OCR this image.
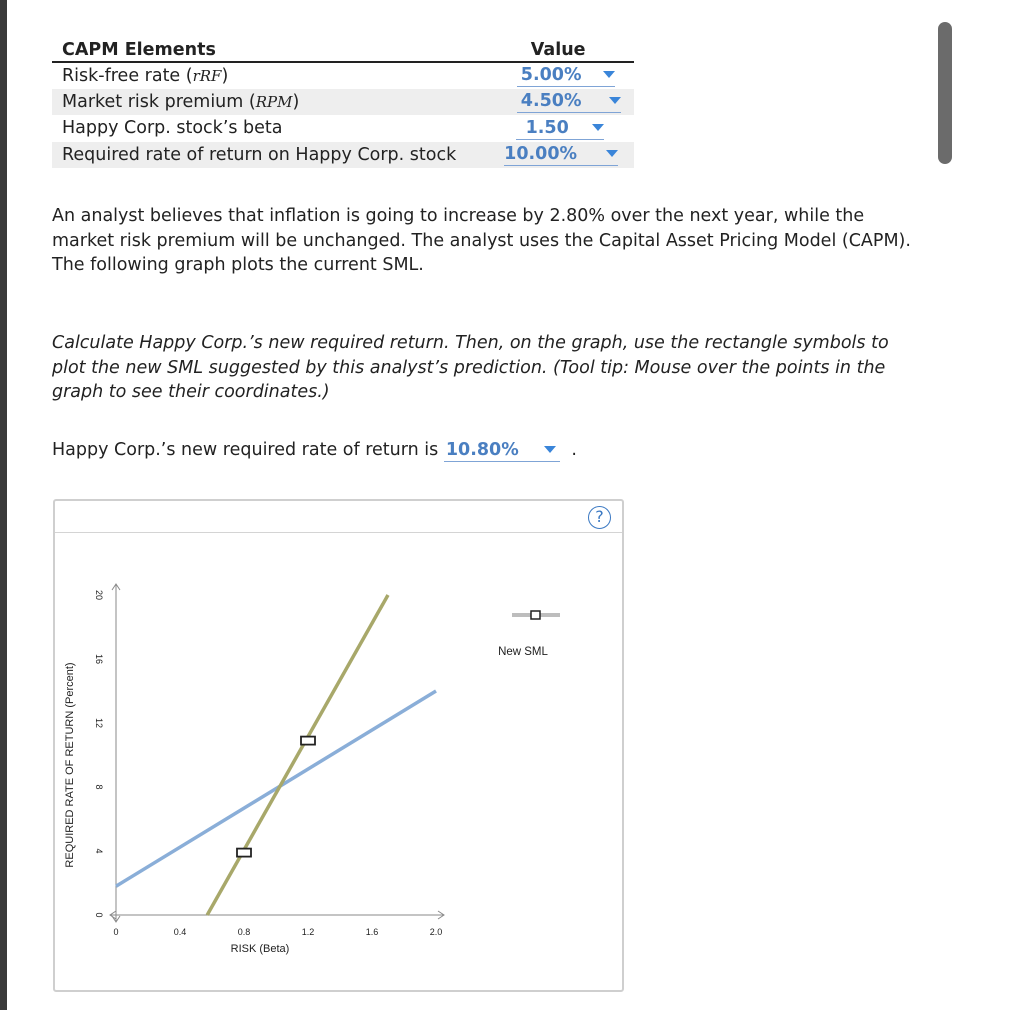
CAPM Elements	Value
Risk-free rate (rRF)	5.00%

Market risk premium (RPM)	4.50%

Happy Corp. stock’s beta	1.50

Required rate of return on Happy Corp. stock	10.00%
An analyst believes that inflation is going to increase by 2.80% over the next year, while the
market risk premium will be unchanged. The analyst uses the Capital Asset Pricing Model (CAPM).
The following graph plots the current SML.
Calculate Happy Corp.’s new required return. Then, on the graph, use the rectangle symbols to
plot the new SML suggested by this analyst’s prediction. (Tool tip: Mouse over the points in the
graph to see their coordinates.)
Happy Corp.’s new required rate of return is 10.80%	.
?
0	0.4	0.8	1.2	1.6	2.0
0
4
8
12
16
20
RISK (Beta)
REQUIRED RATE OF RETURN (Percent)
New SML
